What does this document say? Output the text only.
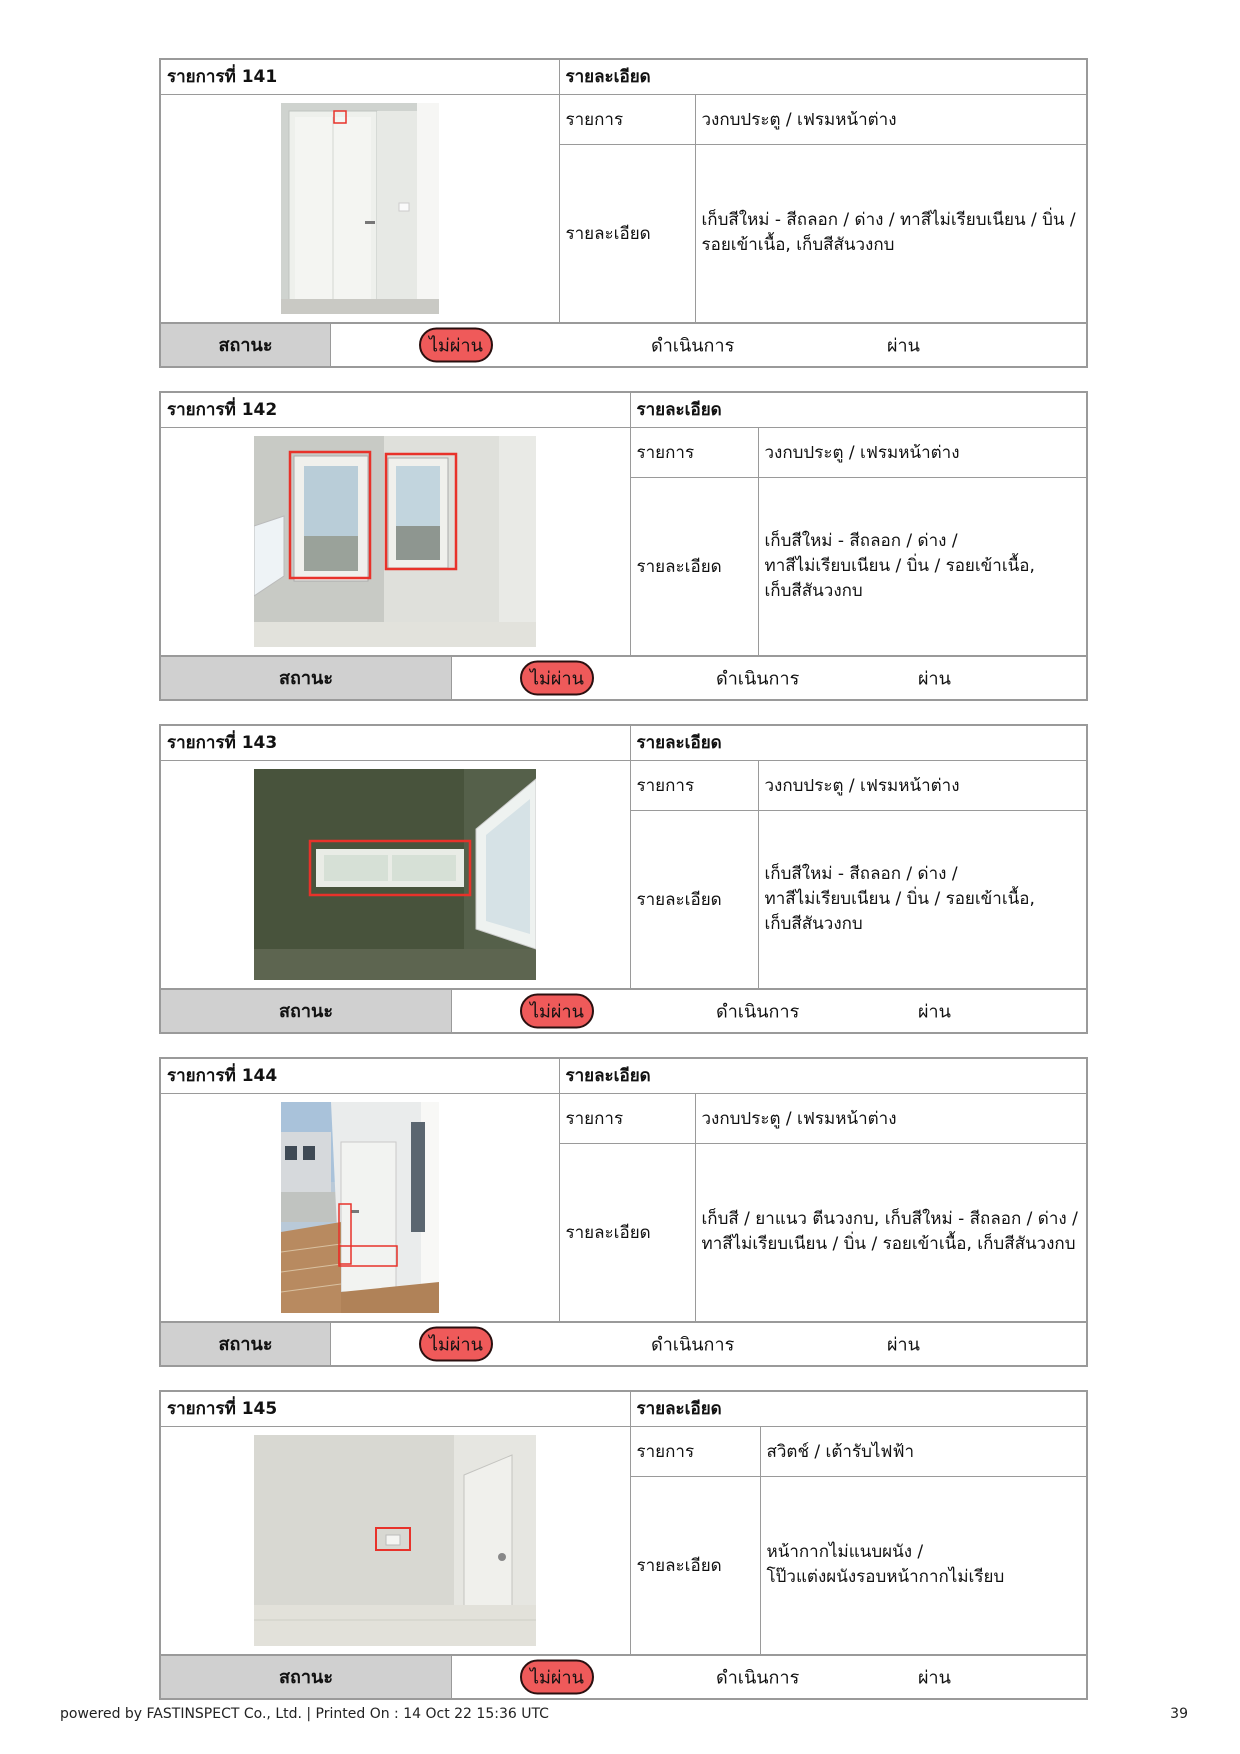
รายการที่ 141	รายละเอียด	

	รายการ	วงกบประตู / เฟรมหน้าต่าง
	รายละเอียด	เก็บสีใหม่ - สีถลอก / ด่าง / ทาสีไม่เรียบเนียน / บิ่น /
รอยเข้าเนื้อ, เก็บสีสันวงกบ
สถานะ	ไม่ผ่าน	ดำเนินการ	ผ่าน
รายการที่ 142	รายละเอียด	

	รายการ	วงกบประตู / เฟรมหน้าต่าง
	รายละเอียด	เก็บสีใหม่ - สีถลอก / ด่าง /
ทาสีไม่เรียบเนียน / บิ่น / รอยเข้าเนื้อ,
เก็บสีสันวงกบ
สถานะ	ไม่ผ่าน	ดำเนินการ	ผ่าน
รายการที่ 143	รายละเอียด	

	รายการ	วงกบประตู / เฟรมหน้าต่าง
	รายละเอียด	เก็บสีใหม่ - สีถลอก / ด่าง /
ทาสีไม่เรียบเนียน / บิ่น / รอยเข้าเนื้อ,
เก็บสีสันวงกบ
สถานะ	ไม่ผ่าน	ดำเนินการ	ผ่าน
รายการที่ 144	รายละเอียด	

	รายการ	วงกบประตู / เฟรมหน้าต่าง
	รายละเอียด	เก็บสี / ยาแนว ตีนวงกบ, เก็บสีใหม่ - สีถลอก / ด่าง /
ทาสีไม่เรียบเนียน / บิ่น / รอยเข้าเนื้อ, เก็บสีสันวงกบ
สถานะ	ไม่ผ่าน	ดำเนินการ	ผ่าน
รายการที่ 145	รายละเอียด	

	รายการ	สวิตช์ / เต้ารับไฟฟ้า
	รายละเอียด	หน้ากากไม่แนบผนัง /
โป๊วแต่งผนังรอบหน้ากากไม่เรียบ
สถานะ	ไม่ผ่าน	ดำเนินการ	ผ่าน
powered by FASTINSPECT Co., Ltd. | Printed On : 14 Oct 22 15:36 UTC	39
